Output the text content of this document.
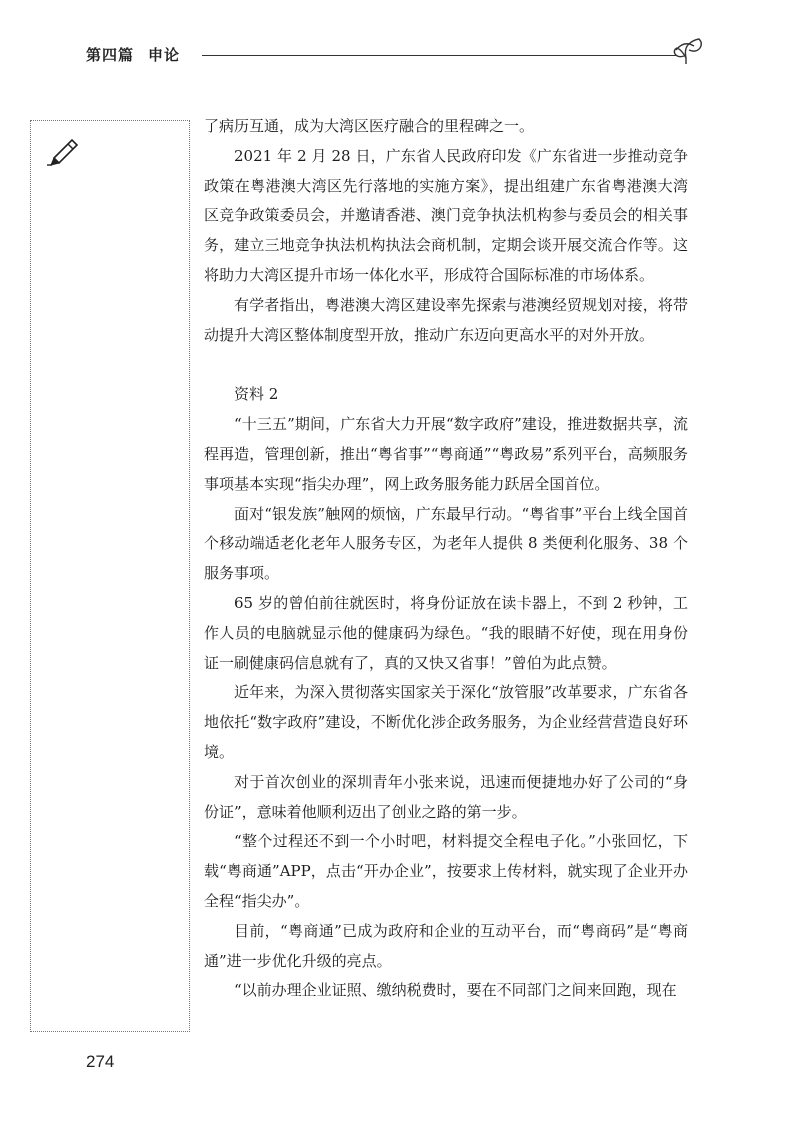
第四篇 申论

了病历互通，成为大湾区医疗融合的里程碑之一。

2021 年 2 月 28 日，广东省人民政府印发《广东省进一步推动竞争政策在粤港澳大湾区先行落地的实施方案》，提出组建广东省粤港澳大湾区竞争政策委员会，并邀请香港、澳门竞争执法机构参与委员会的相关事务，建立三地竞争执法机构执法会商机制，定期会谈开展交流合作等。这将助力大湾区提升市场一体化水平，形成符合国际标准的市场体系。

有学者指出，粤港澳大湾区建设率先探索与港澳经贸规划对接，将带动提升大湾区整体制度型开放，推动广东迈向更高水平的对外开放。

资料 2

“十三五”期间，广东省大力开展“数字政府”建设，推进数据共享，流程再造，管理创新，推出“粤省事”“粤商通”“粤政易”系列平台，高频服务事项基本实现“指尖办理”，网上政务服务能力跃居全国首位。

面对“银发族”触网的烦恼，广东最早行动。“粤省事”平台上线全国首个移动端适老化老年人服务专区，为老年人提供 8 类便利化服务、38 个服务事项。

65 岁的曾伯前往就医时，将身份证放在读卡器上，不到 2 秒钟，工作人员的电脑就显示他的健康码为绿色。“我的眼睛不好使，现在用身份证一刷健康码信息就有了，真的又快又省事！”曾伯为此点赞。

近年来，为深入贯彻落实国家关于深化“放管服”改革要求，广东省各地依托“数字政府”建设，不断优化涉企政务服务，为企业经营营造良好环境。

对于首次创业的深圳青年小张来说，迅速而便捷地办好了公司的“身份证”，意味着他顺利迈出了创业之路的第一步。

“整个过程还不到一个小时吧，材料提交全程电子化。”小张回忆，下载“粤商通”APP，点击“开办企业”，按要求上传材料，就实现了企业开办全程“指尖办”。

目前，“粤商通”已成为政府和企业的互动平台，而“粤商码”是“粤商通”进一步优化升级的亮点。

“以前办理企业证照、缴纳税费时，要在不同部门之间来回跑，现在

274
